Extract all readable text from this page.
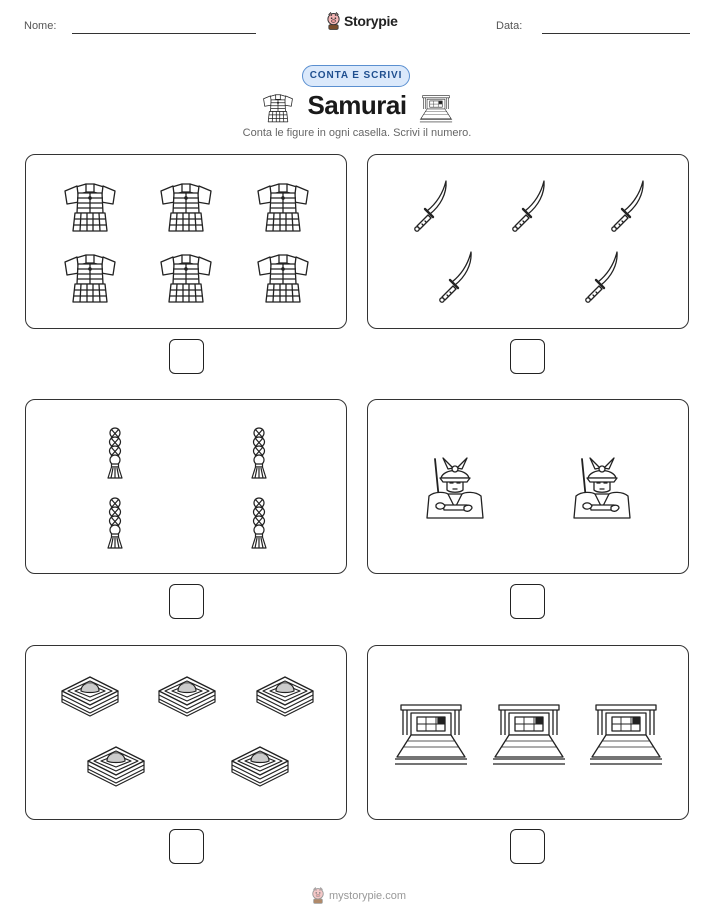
Nome:	Storypie	Data:
CONTA E SCRIVI
Samurai
Conta le figure in ogni casella. Scrivi il numero.
mystorypie.com
